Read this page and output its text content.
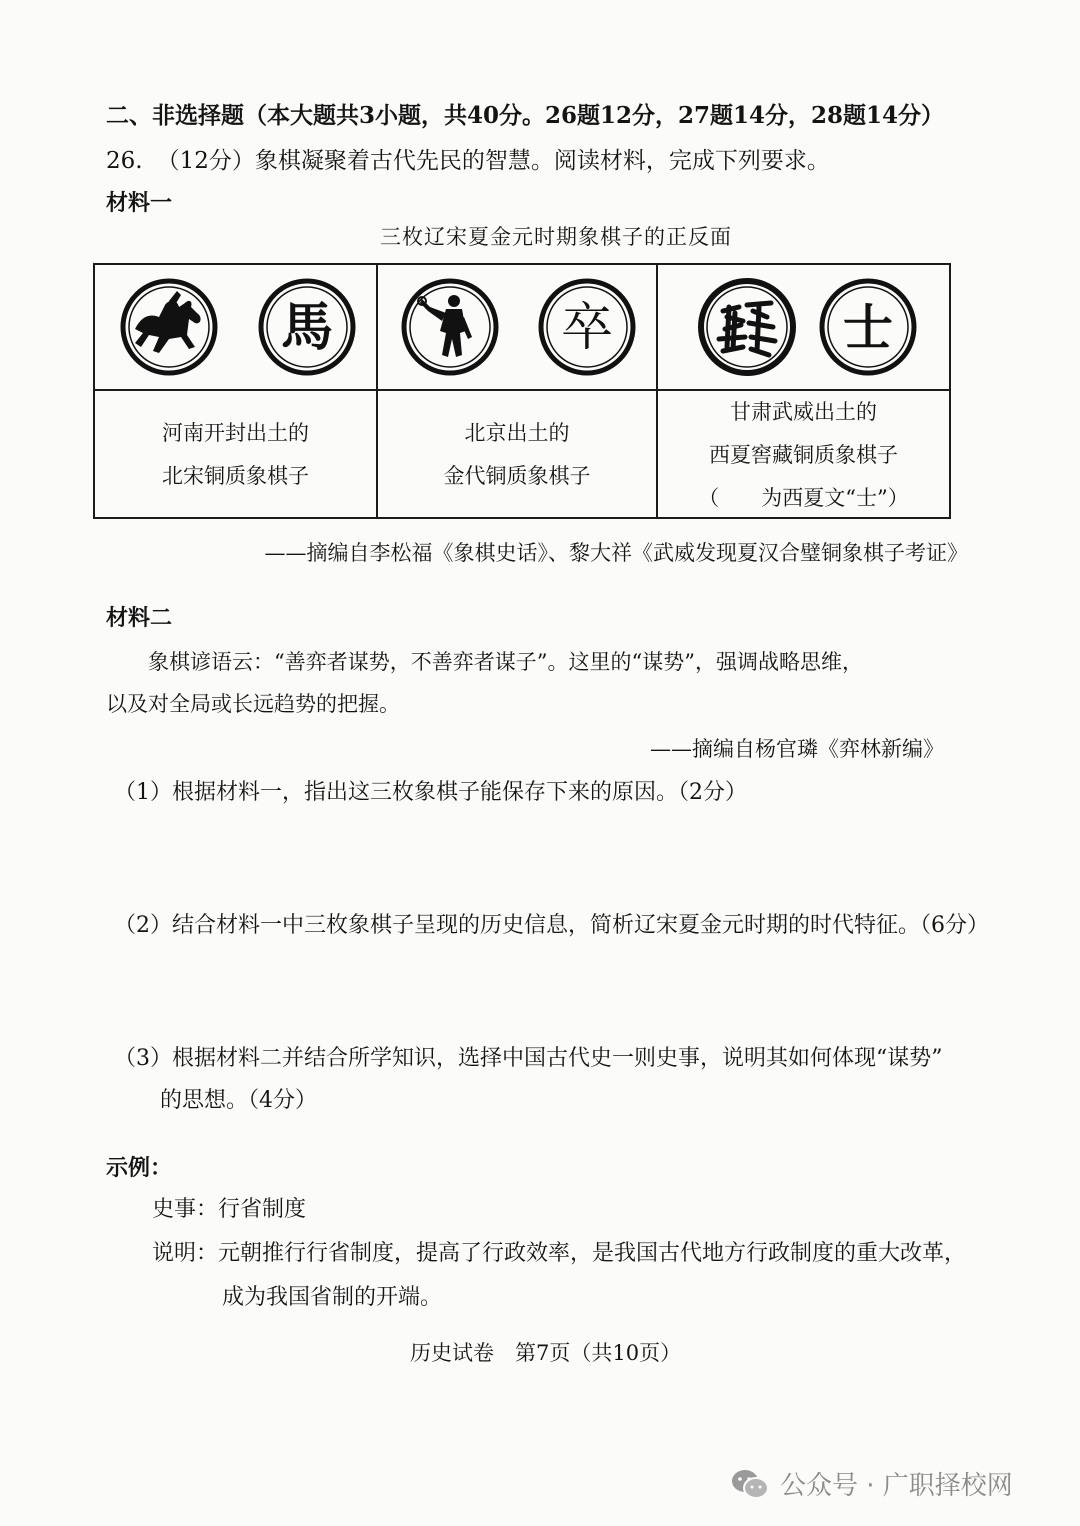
二、非选择题（本大题共3小题，共40分。26题12分，27题14分，28题14分）
26. （12分）象棋凝聚着古代先民的智慧。阅读材料，完成下列要求。
材料一
三枚辽宋夏金元时期象棋子的正反面
馬	卒	士
河南开封出土的
北宋铜质象棋子
北京出土的
金代铜质象棋子
甘肃武威出土的
西夏窖藏铜质象棋子
（　　为西夏文“士”）
——摘编自李松福《象棋史话》、黎大祥《武威发现夏汉合璧铜象棋子考证》
材料二
象棋谚语云：“善弈者谋势，不善弈者谋子”。这里的“谋势”，强调战略思维，
以及对全局或长远趋势的把握。
——摘编自杨官璘《弈林新编》
（1）根据材料一，指出这三枚象棋子能保存下来的原因。（2分）
（2）结合材料一中三枚象棋子呈现的历史信息，简析辽宋夏金元时期的时代特征。（6分）
（3）根据材料二并结合所学知识，选择中国古代史一则史事，说明其如何体现“谋势”
的思想。（4分）
示例：
史事：行省制度
说明：元朝推行行省制度，提高了行政效率，是我国古代地方行政制度的重大改革，
成为我国省制的开端。
历史试卷　第7页（共10页）
公众号 · 广职择校网
